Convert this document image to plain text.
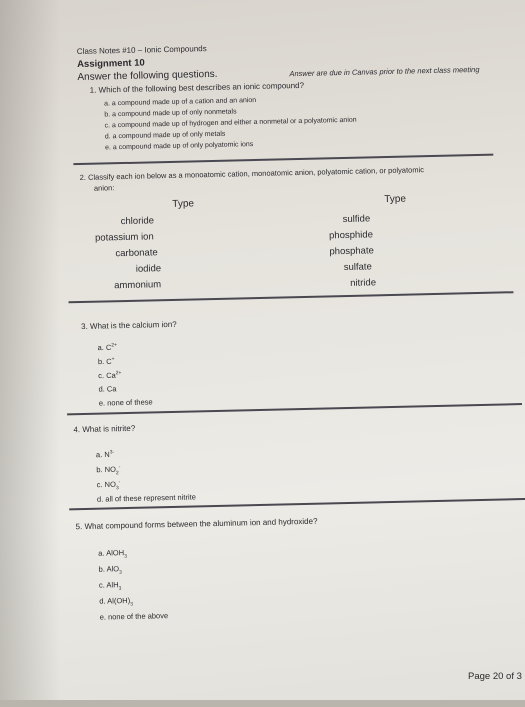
Class Notes #10 – Ionic Compounds
Assignment 10
Answer the following questions.	Answer are due in Canvas prior to the next class meeting
1. Which of the following best describes an ionic compound?
a. a compound made up of a cation and an anion
b. a compound made up of only nonmetals
c. a compound made up of hydrogen and either a nonmetal or a polyatomic anion
d. a compound made up of only metals
e. a compound made up of only polyatomic ions
2. Classify each ion below as a monoatomic cation, monoatomic anion, polyatomic cation, or polyatomic
anion:
Type	Type
chloride
potassium ion
carbonate
iodide
ammonium
sulfide
phosphide
phosphate
sulfate
nitride
3. What is the calcium ion?
a. $C^{2+}$
b. C+
c. $Ca^{2+}$
d. Ca
e. none of these
4. What is nitrite?
a. $N^{3-}$
b. $NO_2^-$
c. $NO_3^-$
d. all of these represent nitrite
5. What compound forms between the aluminum ion and hydroxide?
a. AlOH$_3$
b. AlO$_3$
c. AlH$_3$
d. $Al(OH)_3$
e. none of the above
Page 20 of 3
